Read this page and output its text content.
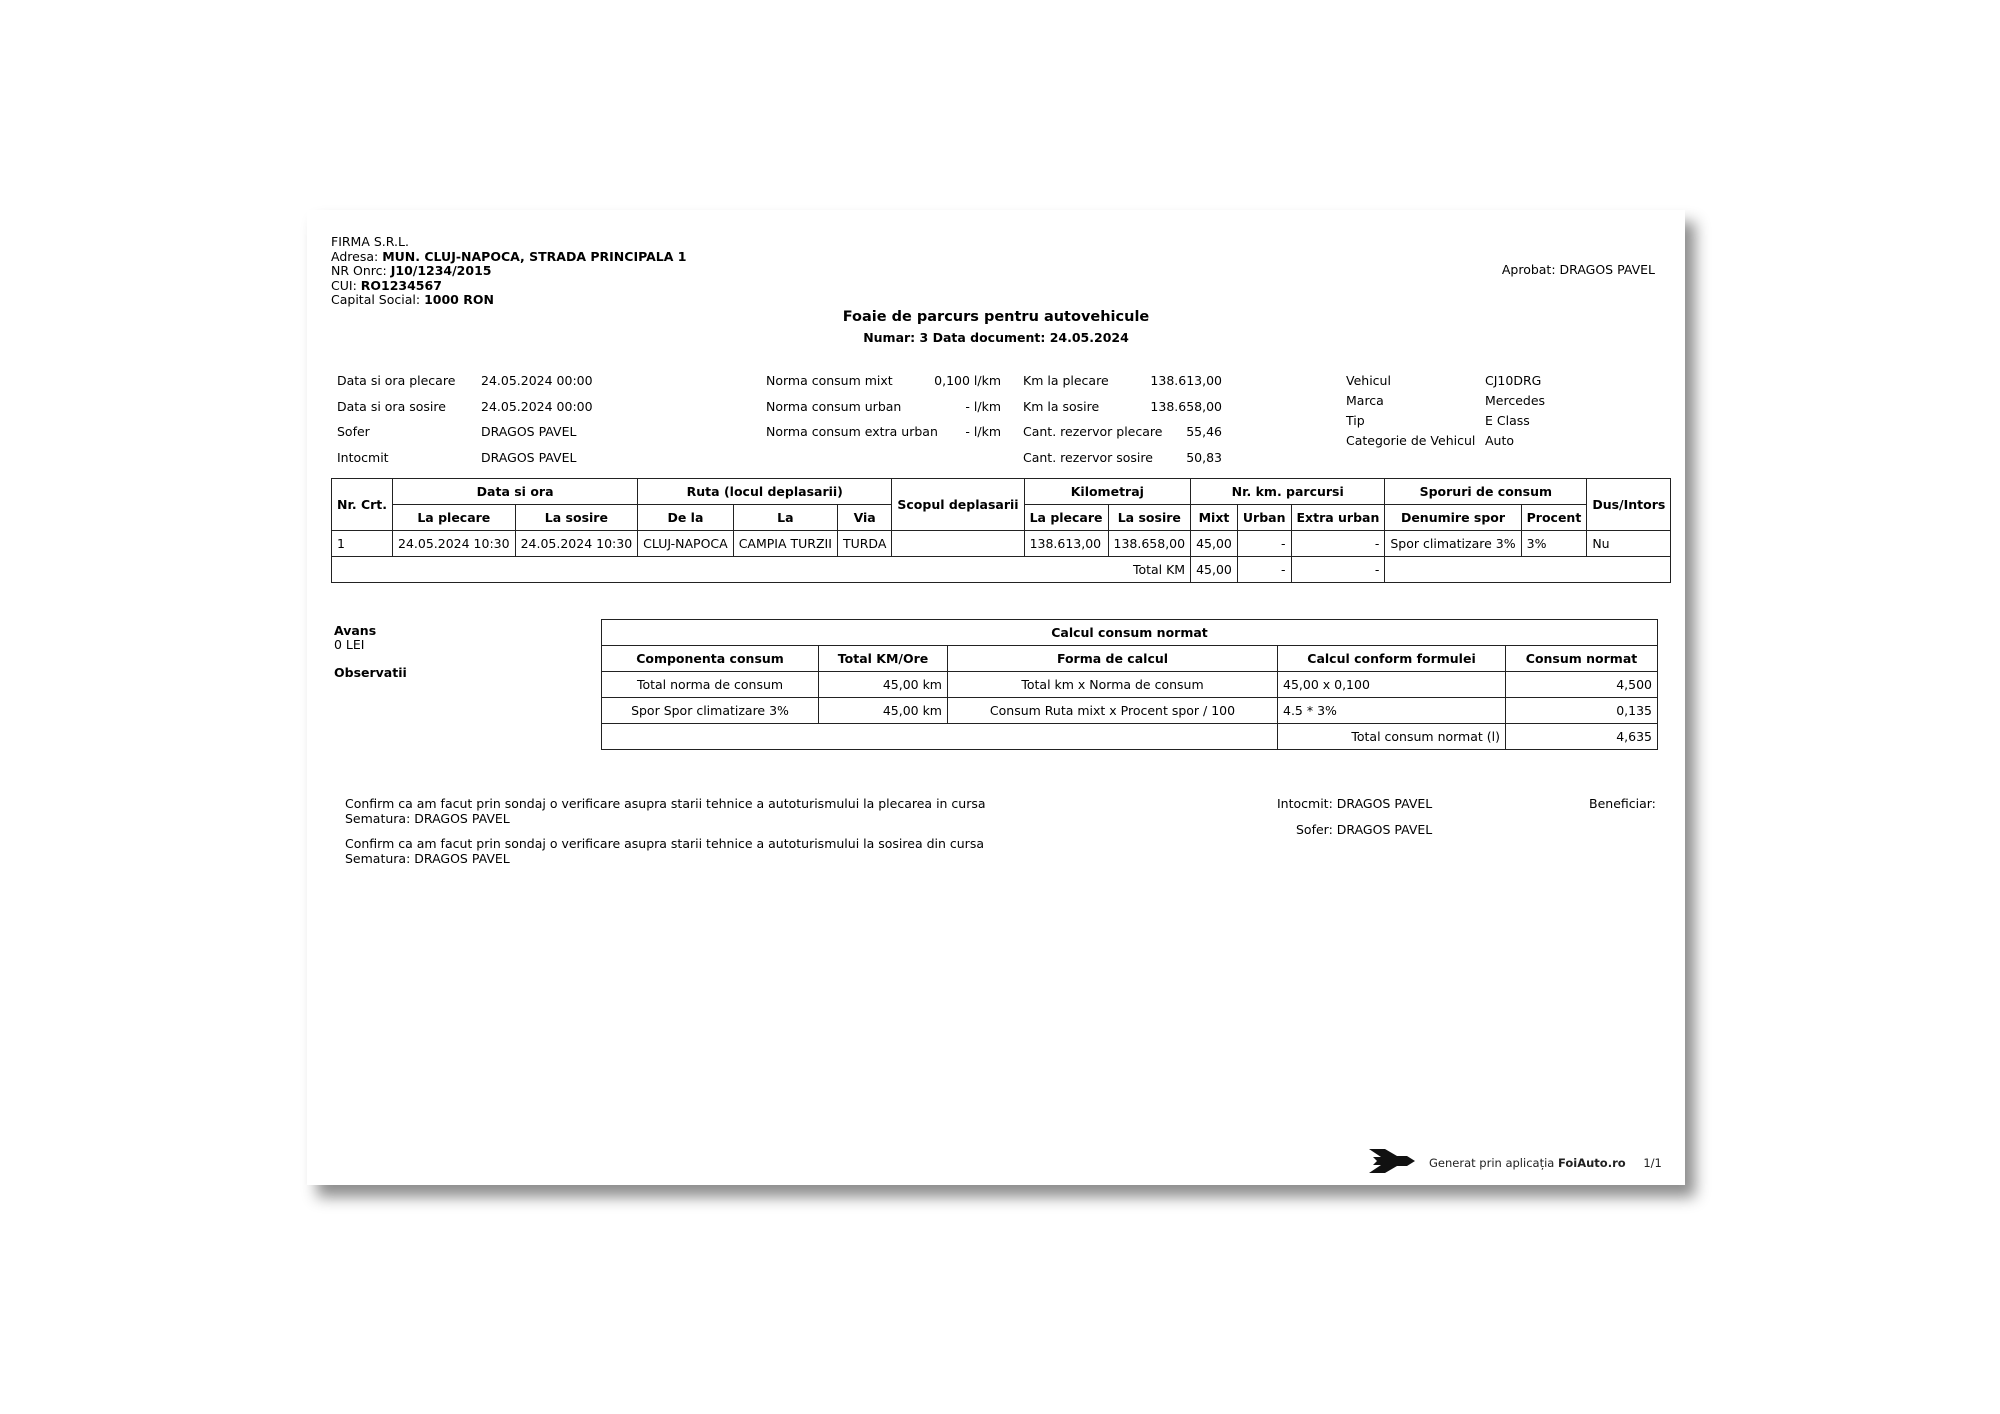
FIRMA S.R.L.
Adresa: MUN. CLUJ-NAPOCA, STRADA PRINCIPALA 1
NR Onrc: J10/1234/2015
CUI: RO1234567
Capital Social: 1000 RON
Aprobat: DRAGOS PAVEL
Foaie de parcurs pentru autovehicule
Numar: 3 Data document: 24.05.2024
Data si ora plecare 24.05.2024 00:00
Data si ora sosire	24.05.2024 00:00
Sofer	DRAGOS PAVEL
Intocmit	DRAGOS PAVEL
Norma consum mixt	0,100 l/km
Norma consum urban	- l/km
Norma consum extra urban - l/km
Km la plecare	138.613,00
Km la sosire	138.658,00
Cant. rezervor plecare 55,46
Cant. rezervor sosire	50,83
Vehicul	CJ10DRG
Marca	Mercedes
Tip	E Class
Categorie de Vehicul Auto
Nr. Crt.	Data si ora		Ruta (locul deplasarii)			Scopul deplasarii	Kilometraj		Nr. km. parcursi			Sporuri de consum		Dus/Intors
	La plecare	La sosire	De la	La	Via		La plecare	La sosire	Mixt	Urban	Extra urban	Denumire spor	Procent	
1	24.05.2024 10:30	24.05.2024 10:30	CLUJ-NAPOCA	CAMPIA TURZII	TURDA		138.613,00	138.658,00	45,00	-	-	Spor climatizare 3%	3%	Nu
Total KM									45,00	-	-			
Avans
0 LEI
Observatii
Calcul consum normat				
Componenta consum	Total KM/Ore	Forma de calcul	Calcul conform formulei	Consum normat
Total norma de consum	45,00 km	Total km x Norma de consum	45,00 x 0,100	4,500
Spor Spor climatizare 3%	45,00 km	Consum Ruta mixt x Procent spor / 100	4.5 * 3%	0,135
			Total consum normat (l)	4,635
Confirm ca am facut prin sondaj o verificare asupra starii tehnice a autoturismului la plecarea in cursa
Sematura: DRAGOS PAVEL
Confirm ca am facut prin sondaj o verificare asupra starii tehnice a autoturismului la sosirea din cursa
Sematura: DRAGOS PAVEL
Intocmit: DRAGOS PAVEL
Sofer: DRAGOS PAVEL
Beneficiar:
Generat prin aplicația FoiAuto.ro 1/1
